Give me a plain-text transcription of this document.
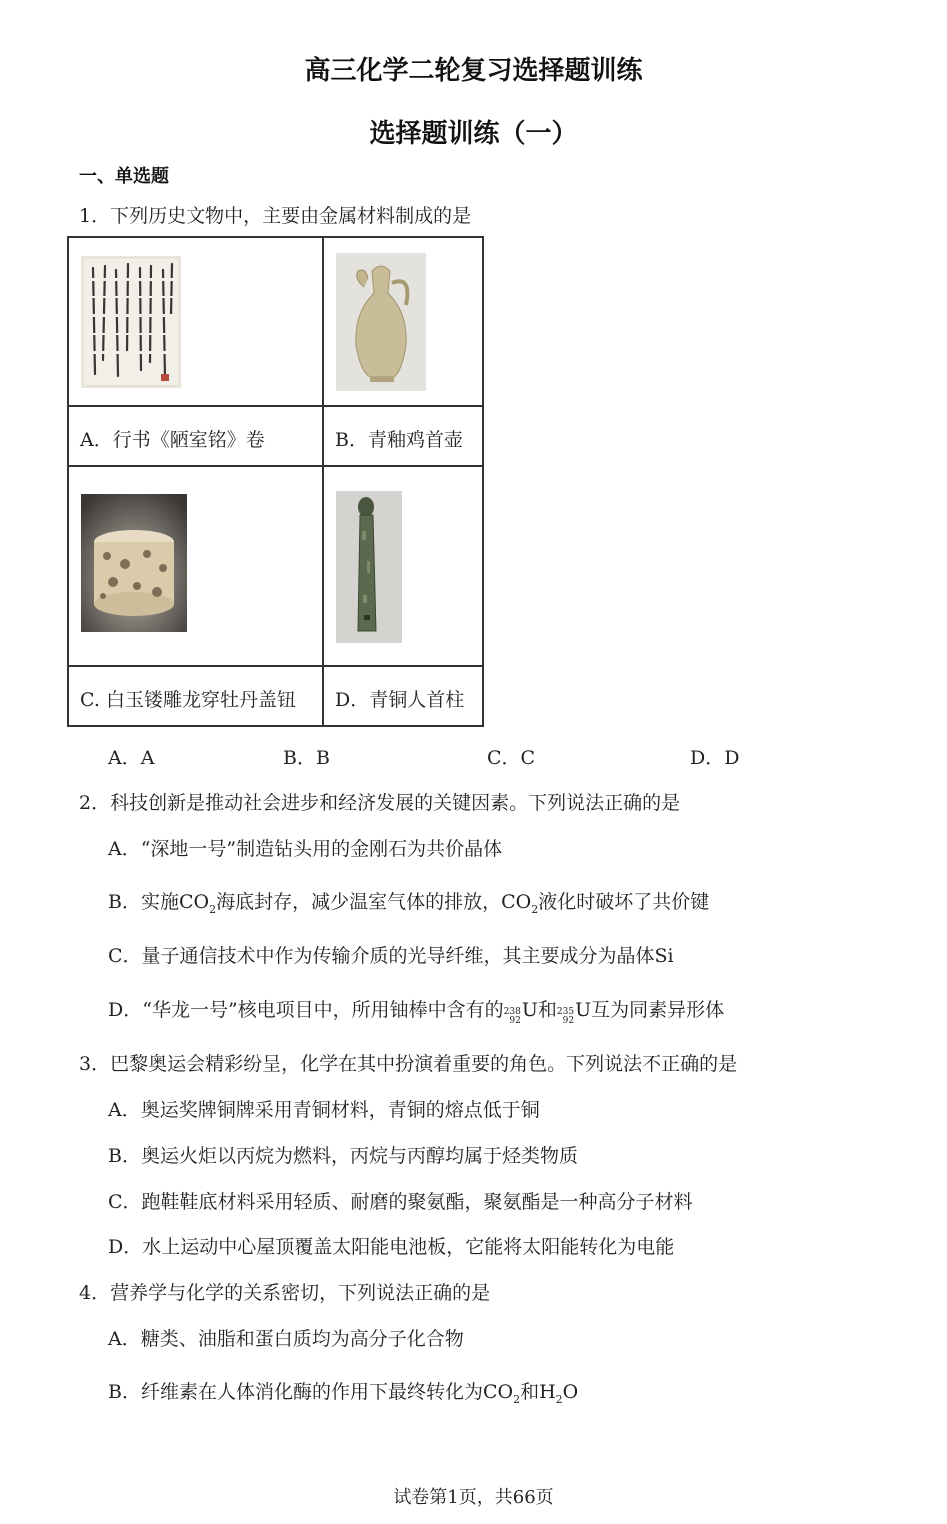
高三化学二轮复习选择题训练
选择题训练（一）
一、单选题
1．下列历史文物中，主要由金属材料制成的是

A．行书《陋室铭》卷	B．青釉鸡首壶

C. 白玉镂雕龙穿牡丹盖钮	D．青铜人首柱
A．A	B．B	C．C	D．D
2．科技创新是推动社会进步和经济发展的关键因素。下列说法正确的是
A．“深地一号”制造钻头用的金刚石为共价晶体
B．实施$CO_2$海底封存，减少温室气体的排放，$CO_2$液化时破坏了共价键
C．量子通信技术中作为传输介质的光导纤维，其主要成分为晶体Si
D．“华龙一号”核电项目中，所用铀棒中含有的 238
92 U和 235
92 U互为同素异形体
3．巴黎奥运会精彩纷呈，化学在其中扮演着重要的角色。下列说法不正确的是
A．奥运奖牌铜牌采用青铜材料，青铜的熔点低于铜
B．奥运火炬以丙烷为燃料，丙烷与丙醇均属于烃类物质
C．跑鞋鞋底材料采用轻质、耐磨的聚氨酯，聚氨酯是一种高分子材料
D．水上运动中心屋顶覆盖太阳能电池板，它能将太阳能转化为电能
4．营养学与化学的关系密切，下列说法正确的是
A．糖类、油脂和蛋白质均为高分子化合物
B．纤维素在人体消化酶的作用下最终转化为$CO_2$和$H_2O$
试卷第1页，共66页
